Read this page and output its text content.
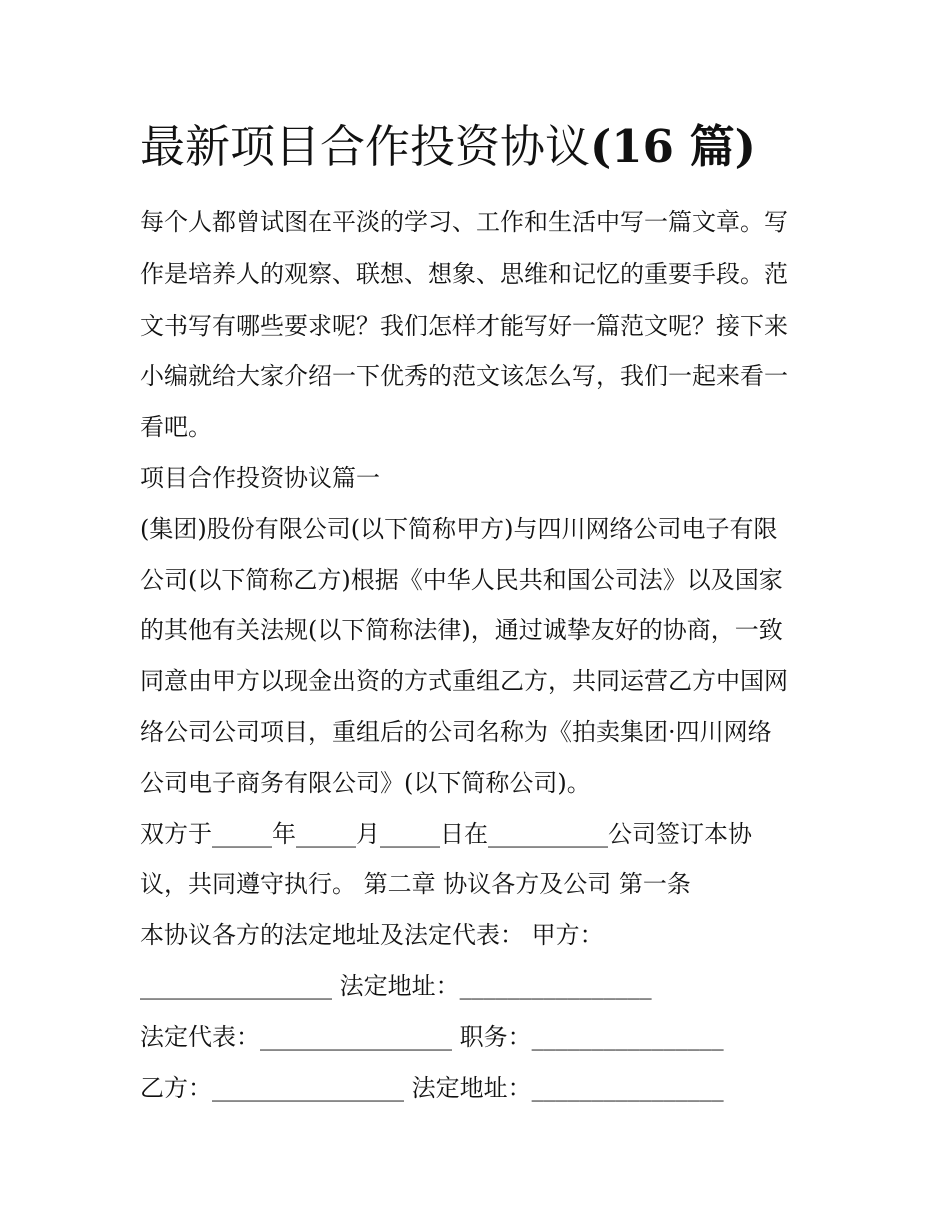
最新项目合作投资协议(16 篇)

每个人都曾试图在平淡的学习、工作和生活中写一篇文章。写

作是培养人的观察、联想、想象、思维和记忆的重要手段。范

文书写有哪些要求呢？我们怎样才能写好一篇范文呢？接下来

小编就给大家介绍一下优秀的范文该怎么写，我们一起来看一

看吧。

项目合作投资协议篇一

(集团)股份有限公司(以下简称甲方)与四川网络公司电子有限

公司(以下简称乙方)根据《中华人民共和国公司法》以及国家

的其他有关法规(以下简称法律)，通过诚挚友好的协商，一致

同意由甲方以现金出资的方式重组乙方，共同运营乙方中国网

络公司公司项目，重组后的公司名称为《拍卖集团·四川网络

公司电子商务有限公司》(以下简称公司)。

双方于_____年_____月_____日在__________公司签订本协

议，共同遵守执行。 第二章 协议各方及公司 第一条

本协议各方的法定地址及法定代表： 甲方：

________________ 法定地址：________________

法定代表：________________ 职务：________________

乙方：________________ 法定地址：________________
